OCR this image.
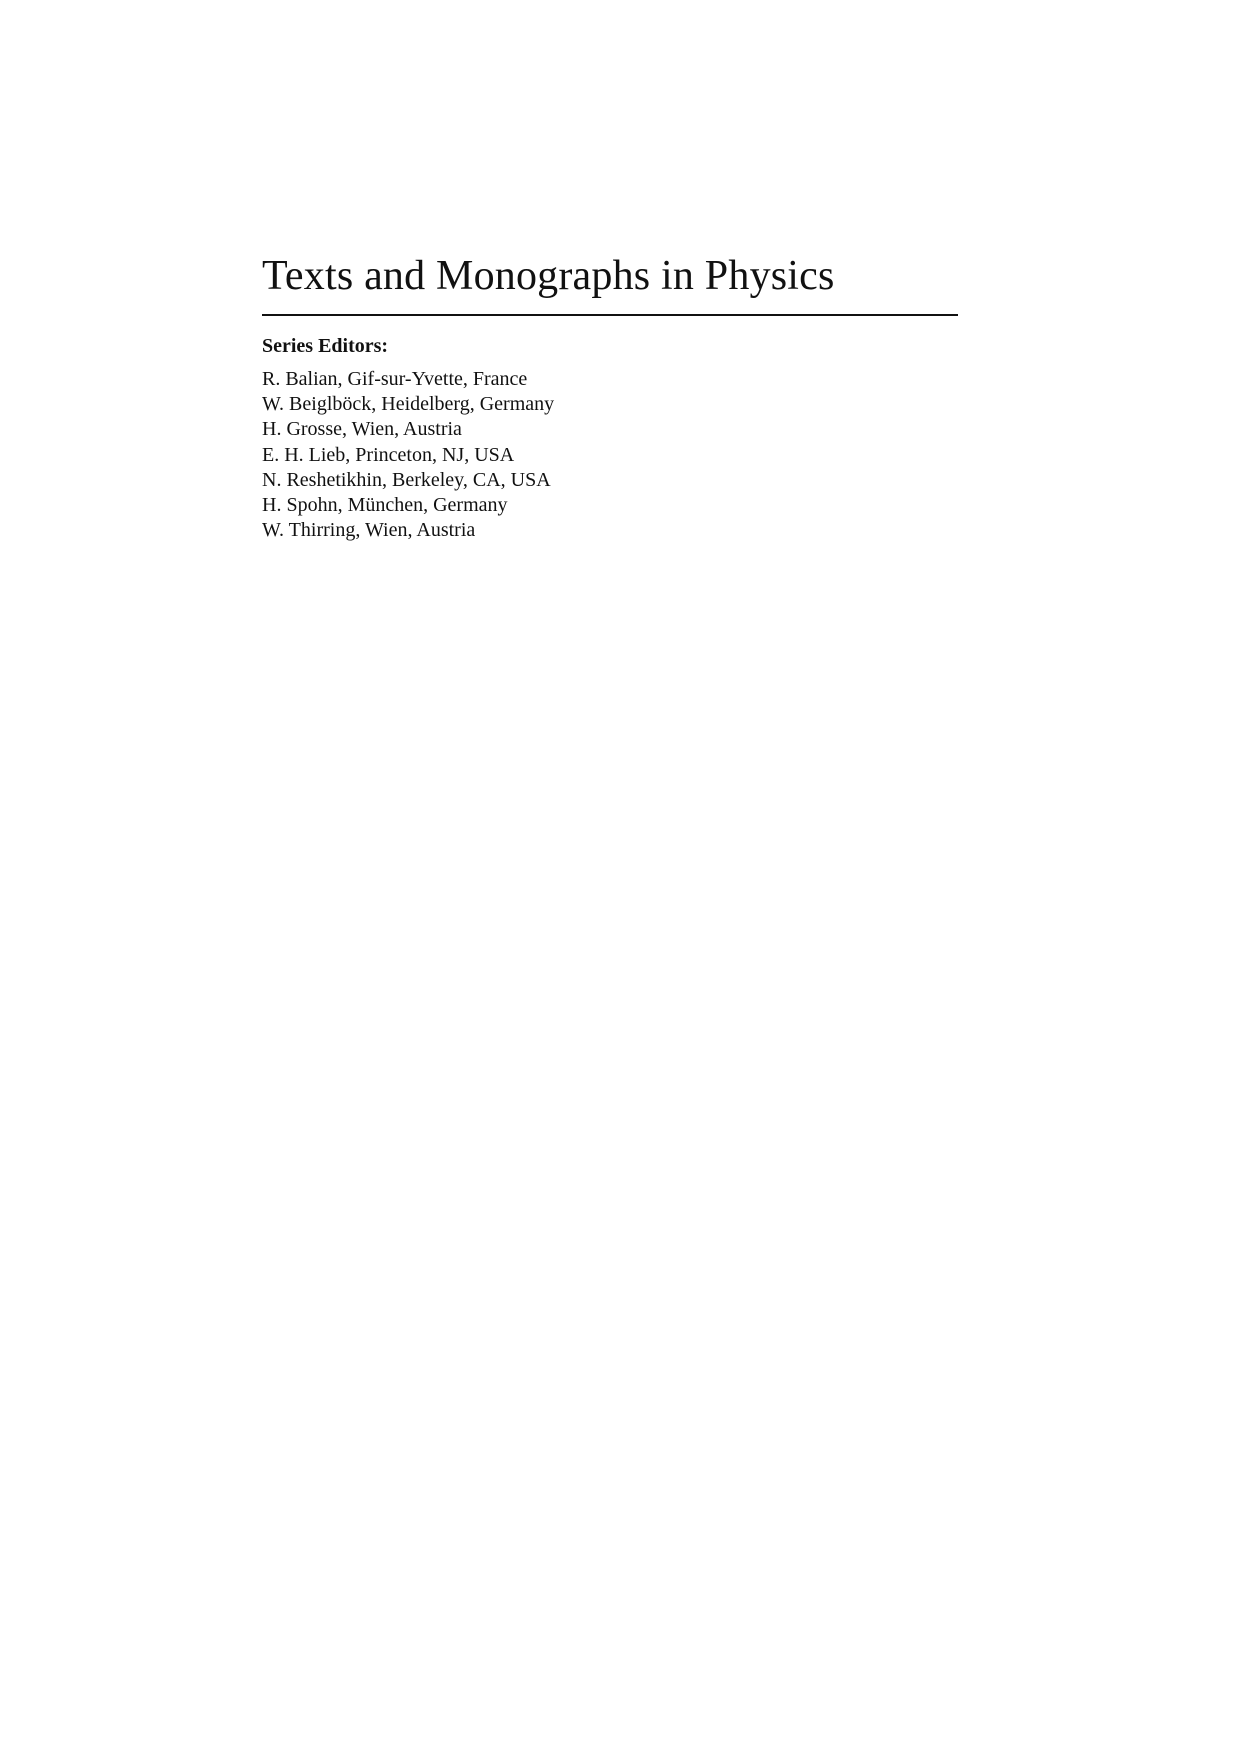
Texts and Monographs in Physics
Series Editors:
R. Balian, Gif-sur-Yvette, France
W. Beiglböck, Heidelberg, Germany
H. Grosse, Wien, Austria
E. H. Lieb, Princeton, NJ, USA
N. Reshetikhin, Berkeley, CA, USA
H. Spohn, München, Germany
W. Thirring, Wien, Austria
